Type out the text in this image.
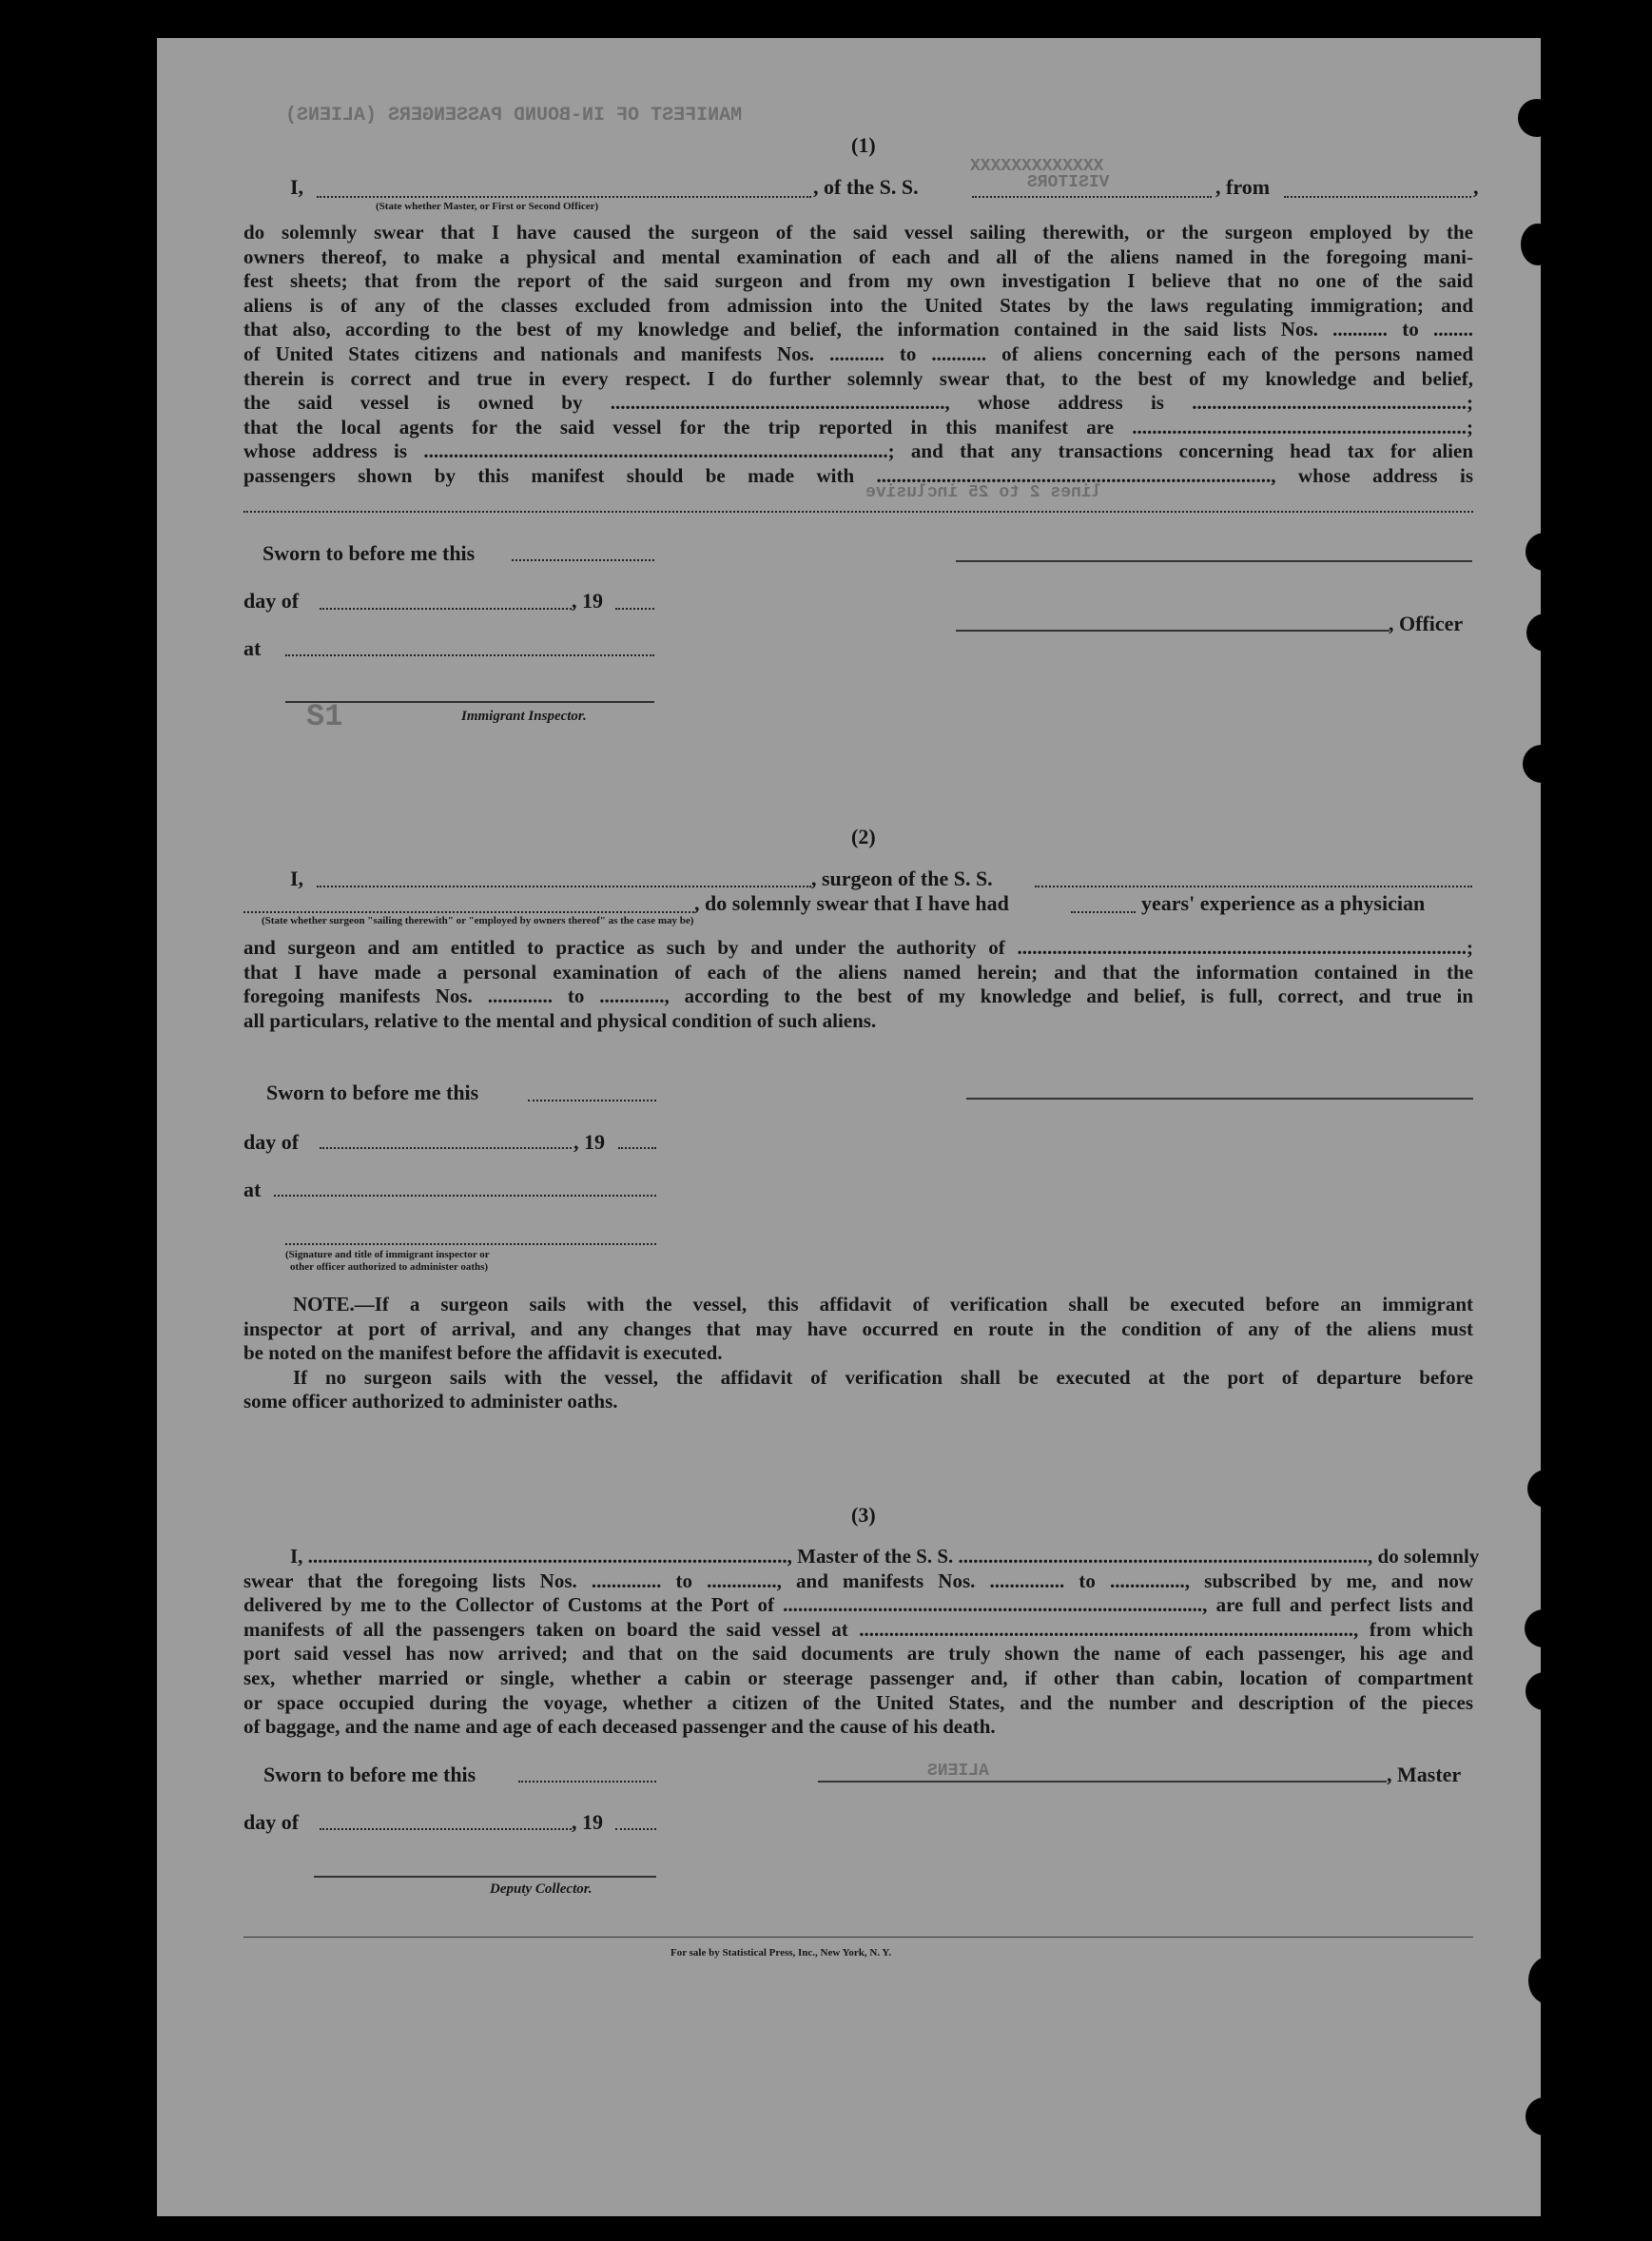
MANIFEST OF IN-BOUND PASSENGERS (ALIENS)
XXXXXXXXXXXXX
VISITORS
(1)
I,	, of the S. S.	, from	,
(State whether Master, or First or Second Officer)
do solemnly swear that I have caused the surgeon of the said vessel sailing therewith, or the surgeon employed by the
owners thereof, to make a physical and mental examination of each and all of the aliens named in the foregoing mani-
fest sheets; that from the report of the said surgeon and from my own investigation I believe that no one of the said
aliens is of any of the classes excluded from admission into the United States by the laws regulating immigration; and
that also, according to the best of my knowledge and belief, the information contained in the said lists Nos. ........... to ........
of United States citizens and nationals and manifests Nos. ........... to ........... of aliens concerning each of the persons named
therein is correct and true in every respect. I do further solemnly swear that, to the best of my knowledge and belief,
the said vessel is owned by ..................................................................., whose address is .......................................................;
that the local agents for the said vessel for the trip reported in this manifest are ...................................................................;
whose address is .............................................................................................; and that any transactions concerning head tax for alien
passengers shown by this manifest should be made with ..............................................................................., whose address is
lines 2 to 25 inclusive
Sworn to before me this
day of	, 19
at
S1	Immigrant Inspector.
, Officer
(2)
I,	, surgeon of the S. S.
, do solemnly swear that I have had	years' experience as a physician
(State whether surgeon "sailing therewith" or "employed by owners thereof" as the case may be)
and surgeon and am entitled to practice as such by and under the authority of ..........................................................................................;
that I have made a personal examination of each of the aliens named herein; and that the information contained in the
foregoing manifests Nos. ............. to ............., according to the best of my knowledge and belief, is full, correct, and true in
all particulars, relative to the mental and physical condition of such aliens.
Sworn to before me this
day of	, 19
at
(Signature and title of immigrant inspector or
other officer authorized to administer oaths)
NOTE.—If a surgeon sails with the vessel, this affidavit of verification shall be executed before an immigrant
inspector at port of arrival, and any changes that may have occurred en route in the condition of any of the aliens must
be noted on the manifest before the affidavit is executed.
If no surgeon sails with the vessel, the affidavit of verification shall be executed at the port of departure before
some officer authorized to administer oaths.
(3)
I, ................................................................................................, Master of the S. S. .................................................................................., do solemnly
swear that the foregoing lists Nos. .............. to .............., and manifests Nos. ............... to ..............., subscribed by me, and now
delivered by me to the Collector of Customs at the Port of ...................................................................................., are full and perfect lists and
manifests of all the passengers taken on board the said vessel at ..................................................................................................., from which
port said vessel has now arrived; and that on the said documents are truly shown the name of each passenger, his age and
sex, whether married or single, whether a cabin or steerage passenger and, if other than cabin, location of compartment
or space occupied during the voyage, whether a citizen of the United States, and the number and description of the pieces
of baggage, and the name and age of each deceased passenger and the cause of his death.
Sworn to before me this	ALIENS	, Master
day of	, 19
Deputy Collector.
For sale by Statistical Press, Inc., New York, N. Y.
